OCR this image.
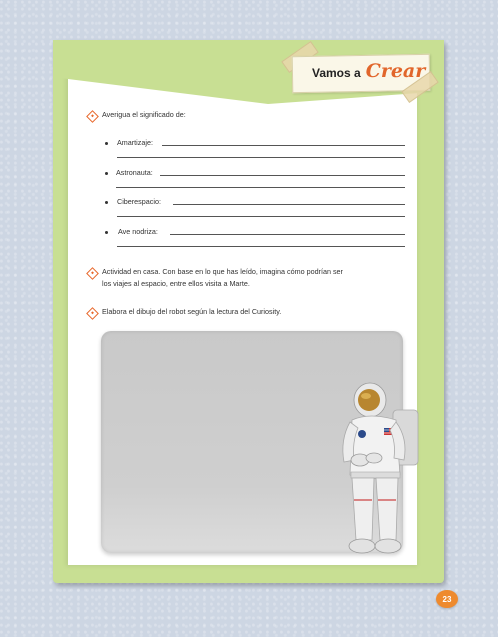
Vamos a Crear
Averigua el significado de:
Amartizaje:
Astronauta:
Ciberespacio:
Ave nodriza:
Actividad en casa. Con base en lo que has leído, imagina cómo podrían ser
los viajes al espacio, entre ellos visita a Marte.
Elabora el dibujo del robot según la lectura del Curiosity.
23
